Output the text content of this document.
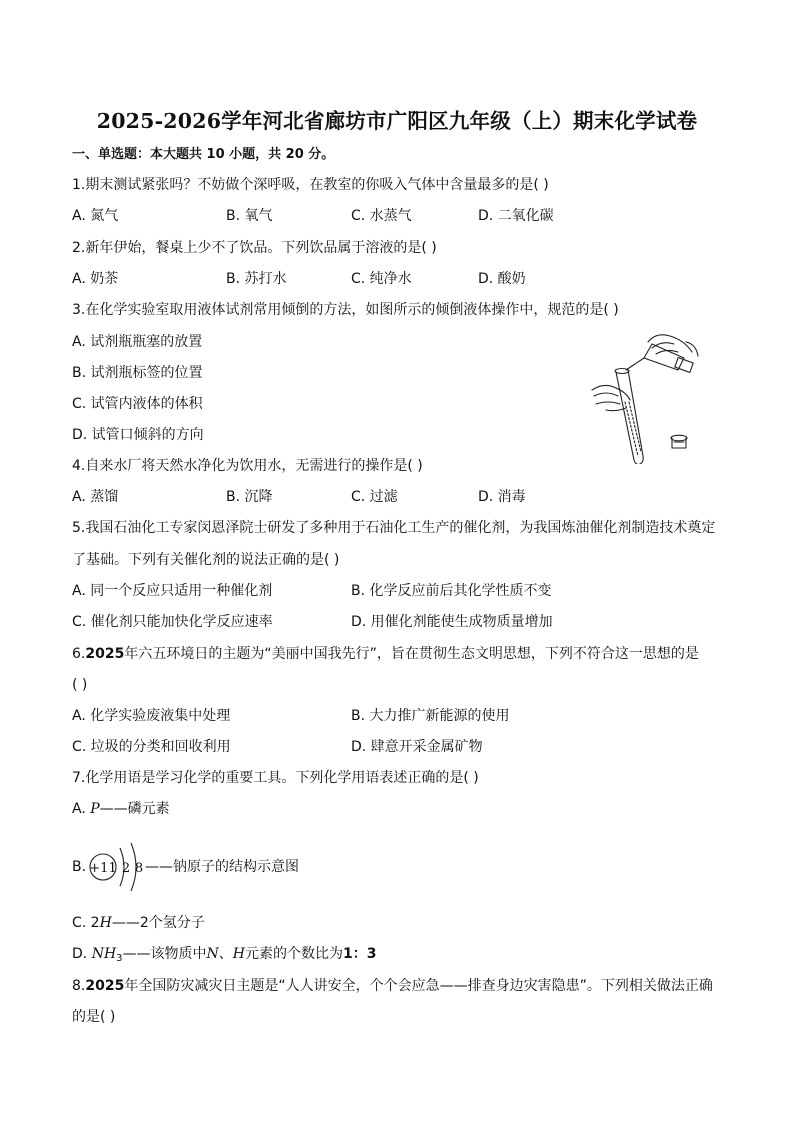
2025-2026学年河北省廊坊市广阳区九年级（上）期末化学试卷
一、单选题：本大题共 10 小题，共 20 分。
1.期末测试紧张吗？不妨做个深呼吸，在教室的你吸入气体中含量最多的是( )
A. 氮气	B. 氧气	C. 水蒸气	D. 二氧化碳
2.新年伊始，餐桌上少不了饮品。下列饮品属于溶液的是( )
A. 奶茶	B. 苏打水	C. 纯净水	D. 酸奶
3.在化学实验室取用液体试剂常用倾倒的方法，如图所示的倾倒液体操作中，规范的是( )
A. 试剂瓶瓶塞的放置
B. 试剂瓶标签的位置
C. 试管内液体的体积
D. 试管口倾斜的方向
4.自来水厂将天然水净化为饮用水，无需进行的操作是( )
A. 蒸馏	B. 沉降	C. 过滤	D. 消毒
5.我国石油化工专家闵恩泽院士研发了多种用于石油化工生产的催化剂，为我国炼油催化剂制造技术奠定
了基础。下列有关催化剂的说法正确的是( )
A. 同一个反应只适用一种催化剂	B. 化学反应前后其化学性质不变
C. 催化剂只能加快化学反应速率	D. 用催化剂能使生成物质量增加
6.2025年六五环境日的主题为“美丽中国我先行”，旨在贯彻生态文明思想，下列不符合这一思想的是
( )
A. 化学实验废液集中处理	B. 大力推广新能源的使用
C. 垃圾的分类和回收利用	D. 肆意开采金属矿物
7.化学用语是学习化学的重要工具。下列化学用语表述正确的是( )
A. P——磷元素
B. +11 2 8 ——钠原子的结构示意图
C. 2H——2个氢分子
D. $NH_3——$该物质中N、H元素的个数比为1：3
8.2025年全国防灾减灾日主题是“人人讲安全，个个会应急——排查身边灾害隐患”。下列相关做法正确
的是( )
